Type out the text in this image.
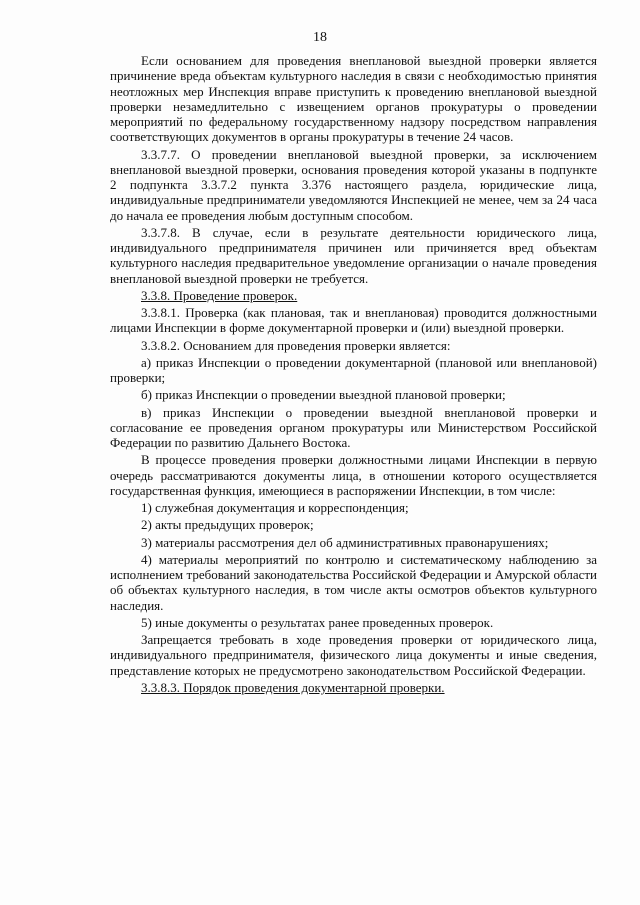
18

Если основанием для проведения внеплановой выездной проверки является причинение вреда объектам культурного наследия в связи с необходимостью принятия неотложных мер Инспекция вправе приступить к проведению внеплановой выездной проверки незамедлительно с извещением органов прокуратуры о проведении мероприятий по федеральному государственному надзору посредством направления соответствующих документов в органы прокуратуры в течение 24 часов.

3.3.7.7. О проведении внеплановой выездной проверки, за исключением внеплановой выездной проверки, основания проведения которой указаны в подпункте 2 подпункта 3.3.7.2 пункта 3.376 настоящего раздела, юридические лица, индивидуальные предприниматели уведомляются Инспекцией не менее, чем за 24 часа до начала ее проведения любым доступным способом.

3.3.7.8. В случае, если в результате деятельности юридического лица, индивидуального предпринимателя причинен или причиняется вред объектам культурного наследия предварительное уведомление организации о начале проведения внеплановой выездной проверки не требуется.

3.3.8. Проведение проверок.

3.3.8.1. Проверка (как плановая, так и внеплановая) проводится должностными лицами Инспекции в форме документарной проверки и (или) выездной проверки.

3.3.8.2. Основанием для проведения проверки является:

а) приказ Инспекции о проведении документарной (плановой или внеплановой) проверки;

б) приказ Инспекции о проведении выездной плановой проверки;

в) приказ Инспекции о проведении выездной внеплановой проверки и согласование ее проведения органом прокуратуры или Министерством Российской Федерации по развитию Дальнего Востока.

В процессе проведения проверки должностными лицами Инспекции в первую очередь рассматриваются документы лица, в отношении которого осуществляется государственная функция, имеющиеся в распоряжении Инспекции, в том числе:

1) служебная документация и корреспонденция;

2) акты предыдущих проверок;

3) материалы рассмотрения дел об административных правонарушениях;

4) материалы мероприятий по контролю и систематическому наблюдению за исполнением требований законодательства Российской Федерации и Амурской области об объектах культурного наследия, в том числе акты осмотров объектов культурного наследия.

5) иные документы о результатах ранее проведенных проверок.

Запрещается требовать в ходе проведения проверки от юридического лица, индивидуального предпринимателя, физического лица документы и иные сведения, представление которых не предусмотрено законодательством Российской Федерации.

3.3.8.3. Порядок проведения документарной проверки.
